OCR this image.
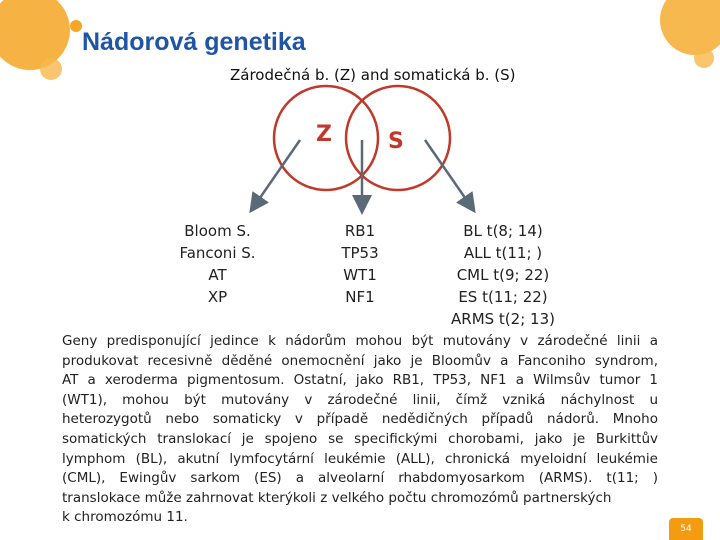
Nádorová genetika
Zárodečná b. (Z) and somatická b. (S)
Z	S
Bloom S.
Fanconi S.
AT
XP
RB1
TP53
WT1
NF1
BL t(8; 14)
ALL t(11; )
CML t(9; 22)
ES t(11; 22)
ARMS t(2; 13)
Geny predisponující jedince k nádorům mohou být mutovány v zárodečné linii a
produkovat recesivně děděné onemocnění jako je Bloomův a Fanconiho syndrom,
AT a xeroderma pigmentosum. Ostatní, jako RB1, TP53, NF1 a Wilmsův tumor 1
(WT1), mohou být mutovány v zárodečné linii, čímž vzniká náchylnost u
heterozygotů nebo somaticky v případě nedědičných případů nádorů. Mnoho
somatických translokací je spojeno se specifickými chorobami, jako je Burkittův
lymphom (BL), akutní lymfocytární leukémie (ALL), chronická myeloidní leukémie
(CML), Ewingův sarkom (ES) a alveolarní rhabdomyosarkom (ARMS). t(11; )
translokace může zahrnovat kterýkoli z velkého počtu chromozómů partnerských
k chromozómu 11.
54
